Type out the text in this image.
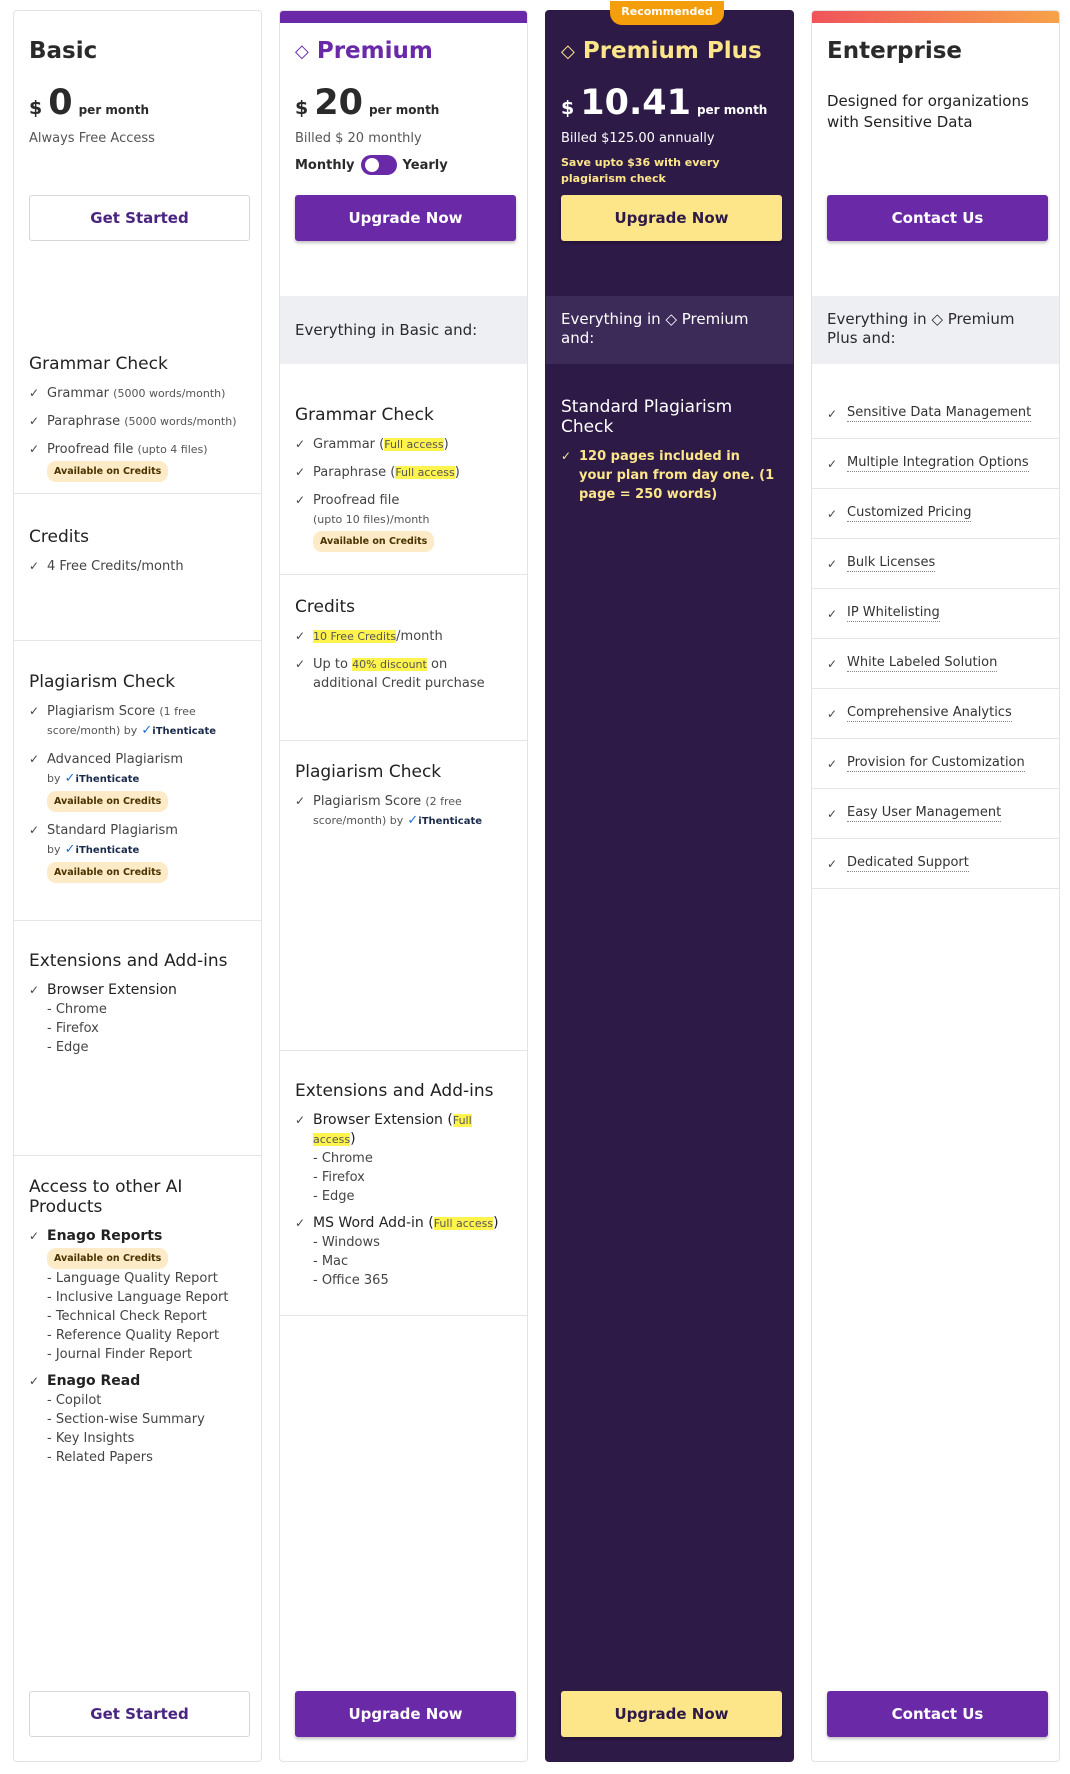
Basic
$ 0 per month
Always Free Access
Get Started
Grammar Check
✓ Grammar (5000 words/month)
✓ Paraphrase (5000 words/month)
✓ Proofread file (upto 4 files)
Available on Credits
Credits
✓ 4 Free Credits/month
Plagiarism Check
✓ Plagiarism Score (1 free score/month) by ✓iThenticate
✓ Advanced Plagiarism
by ✓iThenticate
Available on Credits
✓ Standard Plagiarism
by ✓iThenticate
Available on Credits
Extensions and Add-ins
✓ Browser Extension
- Chrome
- Firefox
- Edge
Access to other AI Products
✓ Enago Reports
Available on Credits
- Language Quality Report
- Inclusive Language Report
- Technical Check Report
- Reference Quality Report
- Journal Finder Report
✓ Enago Read
- Copilot
- Section-wise Summary
- Key Insights
- Related Papers
Get Started
◇ Premium
$ 20 per month
Billed $ 20 monthly
Monthly	Yearly
Upgrade Now
Everything in Basic and:
Grammar Check
✓ Grammar (Full access)
✓ Paraphrase (Full access)
✓ Proofread file
(upto 10 files)/month
Available on Credits
Credits
✓ 10 Free Credits/month
✓ Up to 40% discount on additional Credit purchase
Plagiarism Check
✓ Plagiarism Score (2 free score/month) by ✓iThenticate
Extensions and Add-ins
✓ Browser Extension (Full access)
- Chrome
- Firefox
- Edge
✓ MS Word Add-in (Full access)
- Windows
- Mac
- Office 365
Upgrade Now
Recommended
◇ Premium Plus
$ 10.41 per month
Billed $125.00 annually
Save upto $36 with every plagiarism check
Upgrade Now
Everything in ◇ Premium and:
Standard Plagiarism Check
✓ 120 pages included in your plan from day one. (1 page = 250 words)
Upgrade Now
Enterprise
Designed for organizations with Sensitive Data
Contact Us
Everything in ◇ Premium Plus and:
✓ Sensitive Data Management
✓ Multiple Integration Options
✓ Customized Pricing
✓ Bulk Licenses
✓ IP Whitelisting
✓ White Labeled Solution
✓ Comprehensive Analytics
✓ Provision for Customization
✓ Easy User Management
✓ Dedicated Support
Contact Us
